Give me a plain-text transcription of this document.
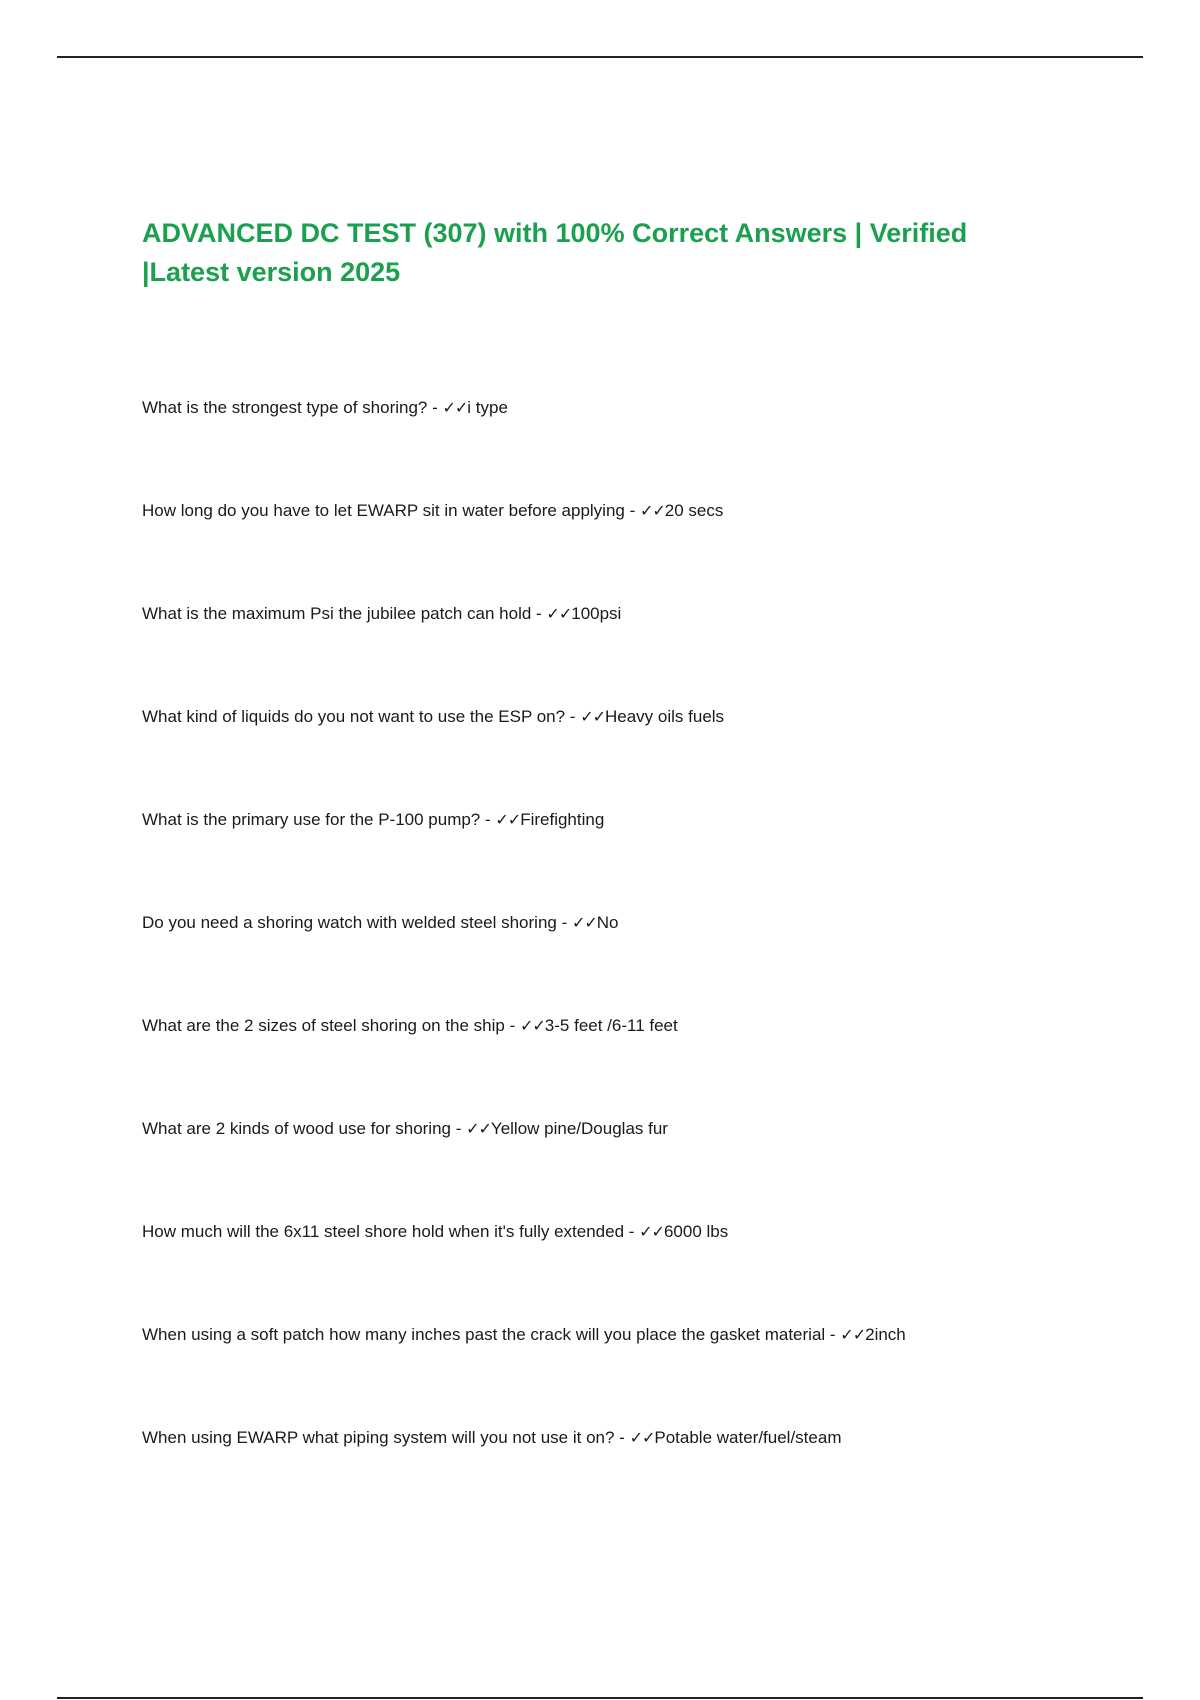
ADVANCED DC TEST (307) with 100% Correct Answers | Verified |Latest version 2025
What is the strongest type of shoring? - ✓✓i type
How long do you have to let EWARP sit in water before applying - ✓✓20 secs
What is the maximum Psi the jubilee patch can hold - ✓✓100psi
What kind of liquids do you not want to use the ESP on? - ✓✓Heavy oils fuels
What is the primary use for the P-100 pump? - ✓✓Firefighting
Do you need a shoring watch with welded steel shoring - ✓✓No
What are the 2 sizes of steel shoring on the ship - ✓✓3-5 feet /6-11 feet
What are 2 kinds of wood use for shoring - ✓✓Yellow pine/Douglas fur
How much will the 6x11 steel shore hold when it's fully extended - ✓✓6000 lbs
When using a soft patch how many inches past the crack will you place the gasket material - ✓✓2inch
When using EWARP what piping system will you not use it on? - ✓✓Potable water/fuel/steam
